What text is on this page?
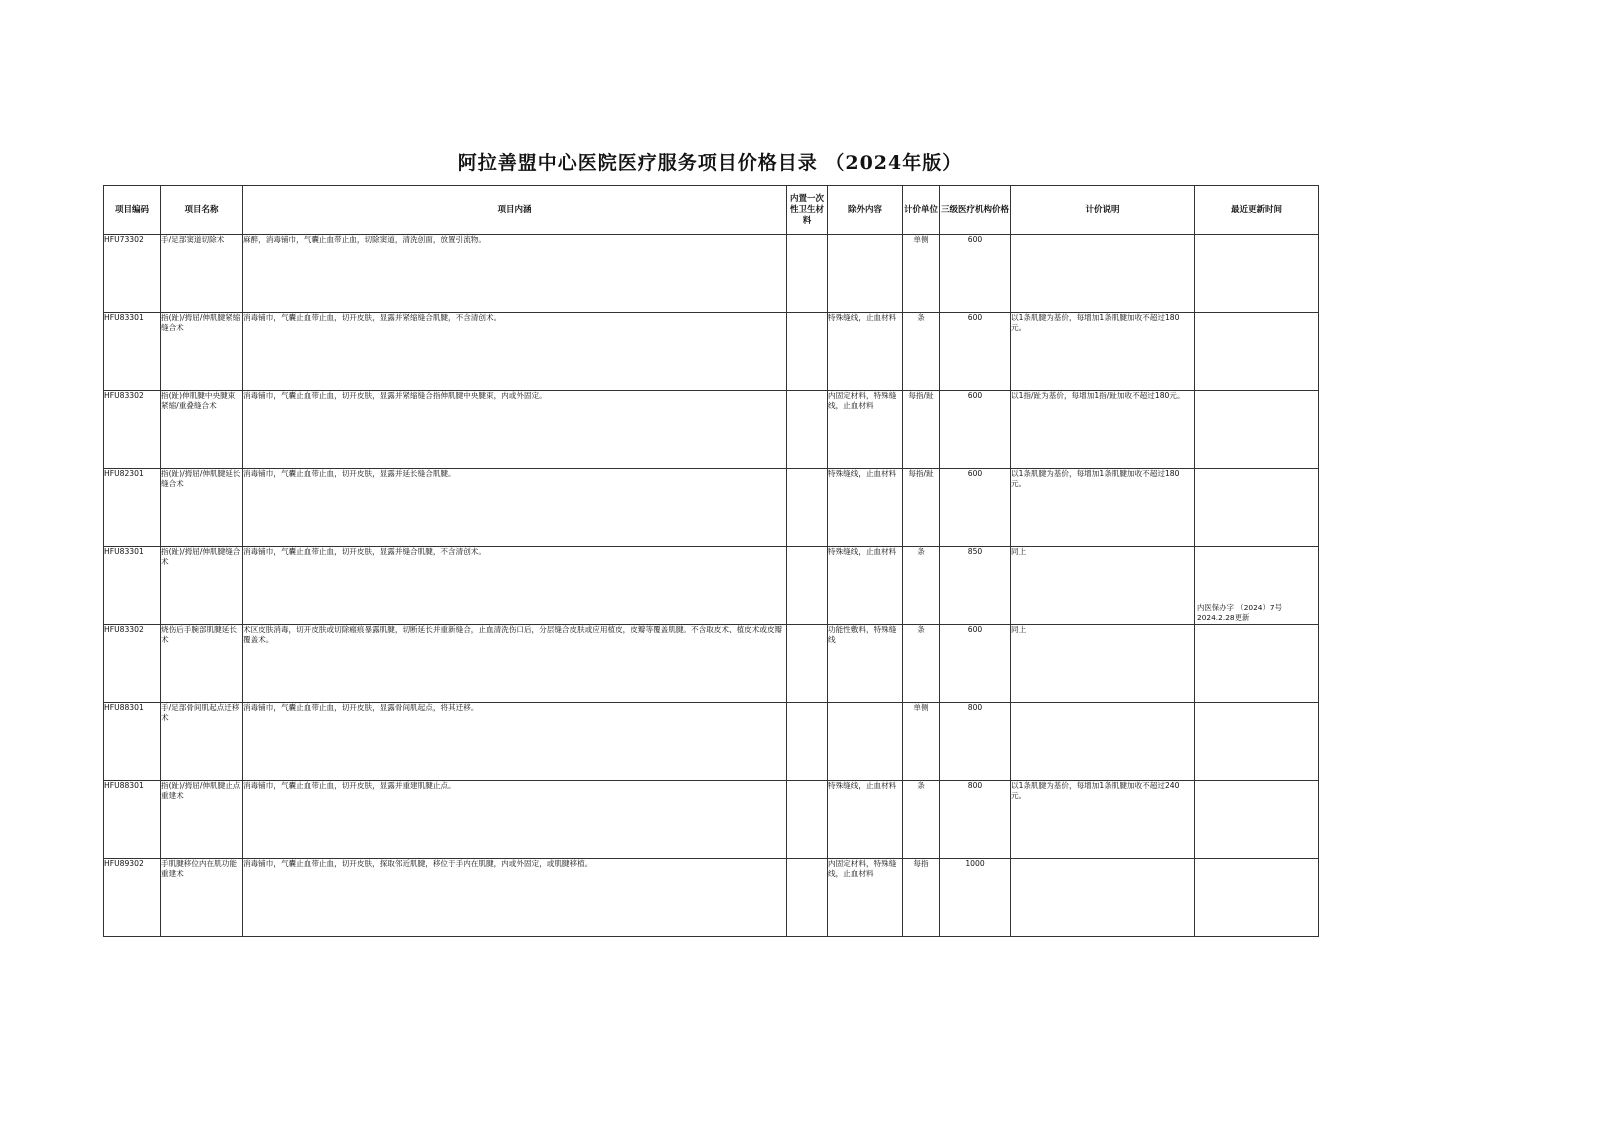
阿拉善盟中心医院医疗服务项目价格目录 （2024年版）
项目编码	项目名称	项目内涵	内置一次性卫生材料	除外内容	计价单位	三级医疗机构价格	计价说明	最近更新时间
HFU73302	手/足部窦道切除术	麻醉，消毒铺巾，气囊止血带止血，切除窦道，清洗创面，放置引流物。			单侧	600		

HFU83301	指(趾)/拇屈/伸肌腱紧缩缝合术	消毒铺巾，气囊止血带止血，切开皮肤，显露并紧缩缝合肌腱，不含清创术。		特殊缝线，止血材料	条	600	以1条肌腱为基价，每增加1条肌腱加收不超过180元。	

HFU83302	指(趾)伸肌腱中央腱束紧缩/重叠缝合术	消毒铺巾，气囊止血带止血，切开皮肤，显露并紧缩缝合指伸肌腱中央腱束，内或外固定。		内固定材料，特殊缝线，止血材料	每指/趾	600	以1指/趾为基价，每增加1指/趾加收不超过180元。	

HFU82301	指(趾)/拇屈/伸肌腱延长缝合术	消毒铺巾，气囊止血带止血，切开皮肤，显露并延长缝合肌腱。		特殊缝线，止血材料	每指/趾	600	以1条肌腱为基价，每增加1条肌腱加收不超过180元。	

HFU83301	指(趾)/拇屈/伸肌腱缝合术	消毒铺巾，气囊止血带止血，切开皮肤，显露并缝合肌腱，不含清创术。		特殊缝线，止血材料	条	850	同上	内医保办字 （2024）7号 2024.2.28更新

HFU83302	烧伤后手腕部肌腱延长术	术区皮肤消毒，切开皮肤或切除瘢痕暴露肌腱，切断延长并重新缝合，止血清洗伤口后，分层缝合皮肤或应用植皮，皮瓣等覆盖肌腱。不含取皮术、植皮术或皮瓣覆盖术。		功能性敷料，特殊缝线	条	600	同上	

HFU88301	手/足部骨间肌起点迁移术	消毒铺巾，气囊止血带止血，切开皮肤，显露骨间肌起点，将其迁移。			单侧	800		

HFU88301	指(趾)/拇屈/伸肌腱止点重建术	消毒铺巾，气囊止血带止血，切开皮肤，显露并重建肌腱止点。		特殊缝线，止血材料	条	800	以1条肌腱为基价，每增加1条肌腱加收不超过240元。	

HFU89302	手肌腱移位内在肌功能重建术	消毒铺巾，气囊止血带止血，切开皮肤，探取邻近肌腱，移位于手内在肌腱，内或外固定，或肌腱移植。		内固定材料，特殊缝线，止血材料	每指	1000		
